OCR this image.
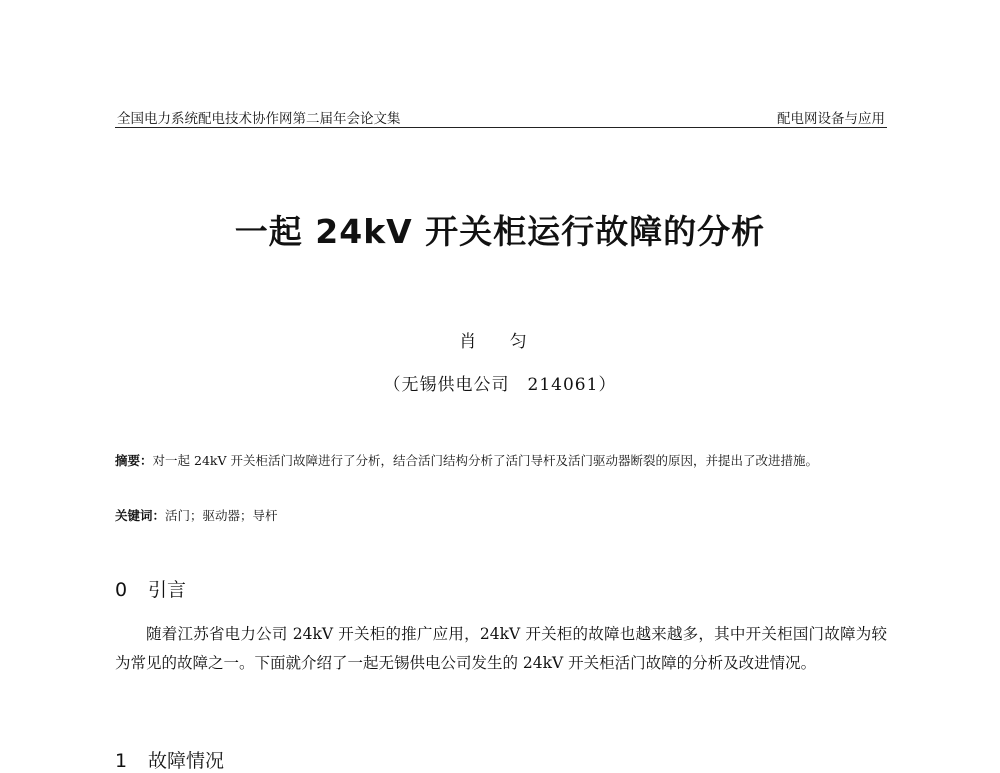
全国电力系统配电技术协作网第二届年会论文集	配电网设备与应用
一起 24kV 开关柜运行故障的分析
肖 匀
（无锡供电公司　214061）
摘要：对一起 24kV 开关柜活门故障进行了分析，结合活门结构分析了活门导杆及活门驱动器断裂的原因，并提出了改进措施。
关键词：活门；驱动器；导杆
0 引言
随着江苏省电力公司 24kV 开关柜的推广应用，24kV 开关柜的故障也越来越多，其中开关柜国门故障为较为常见的故障之一。下面就介绍了一起无锡供电公司发生的 24kV 开关柜活门故障的分析及改进情况。
1 故障情况
